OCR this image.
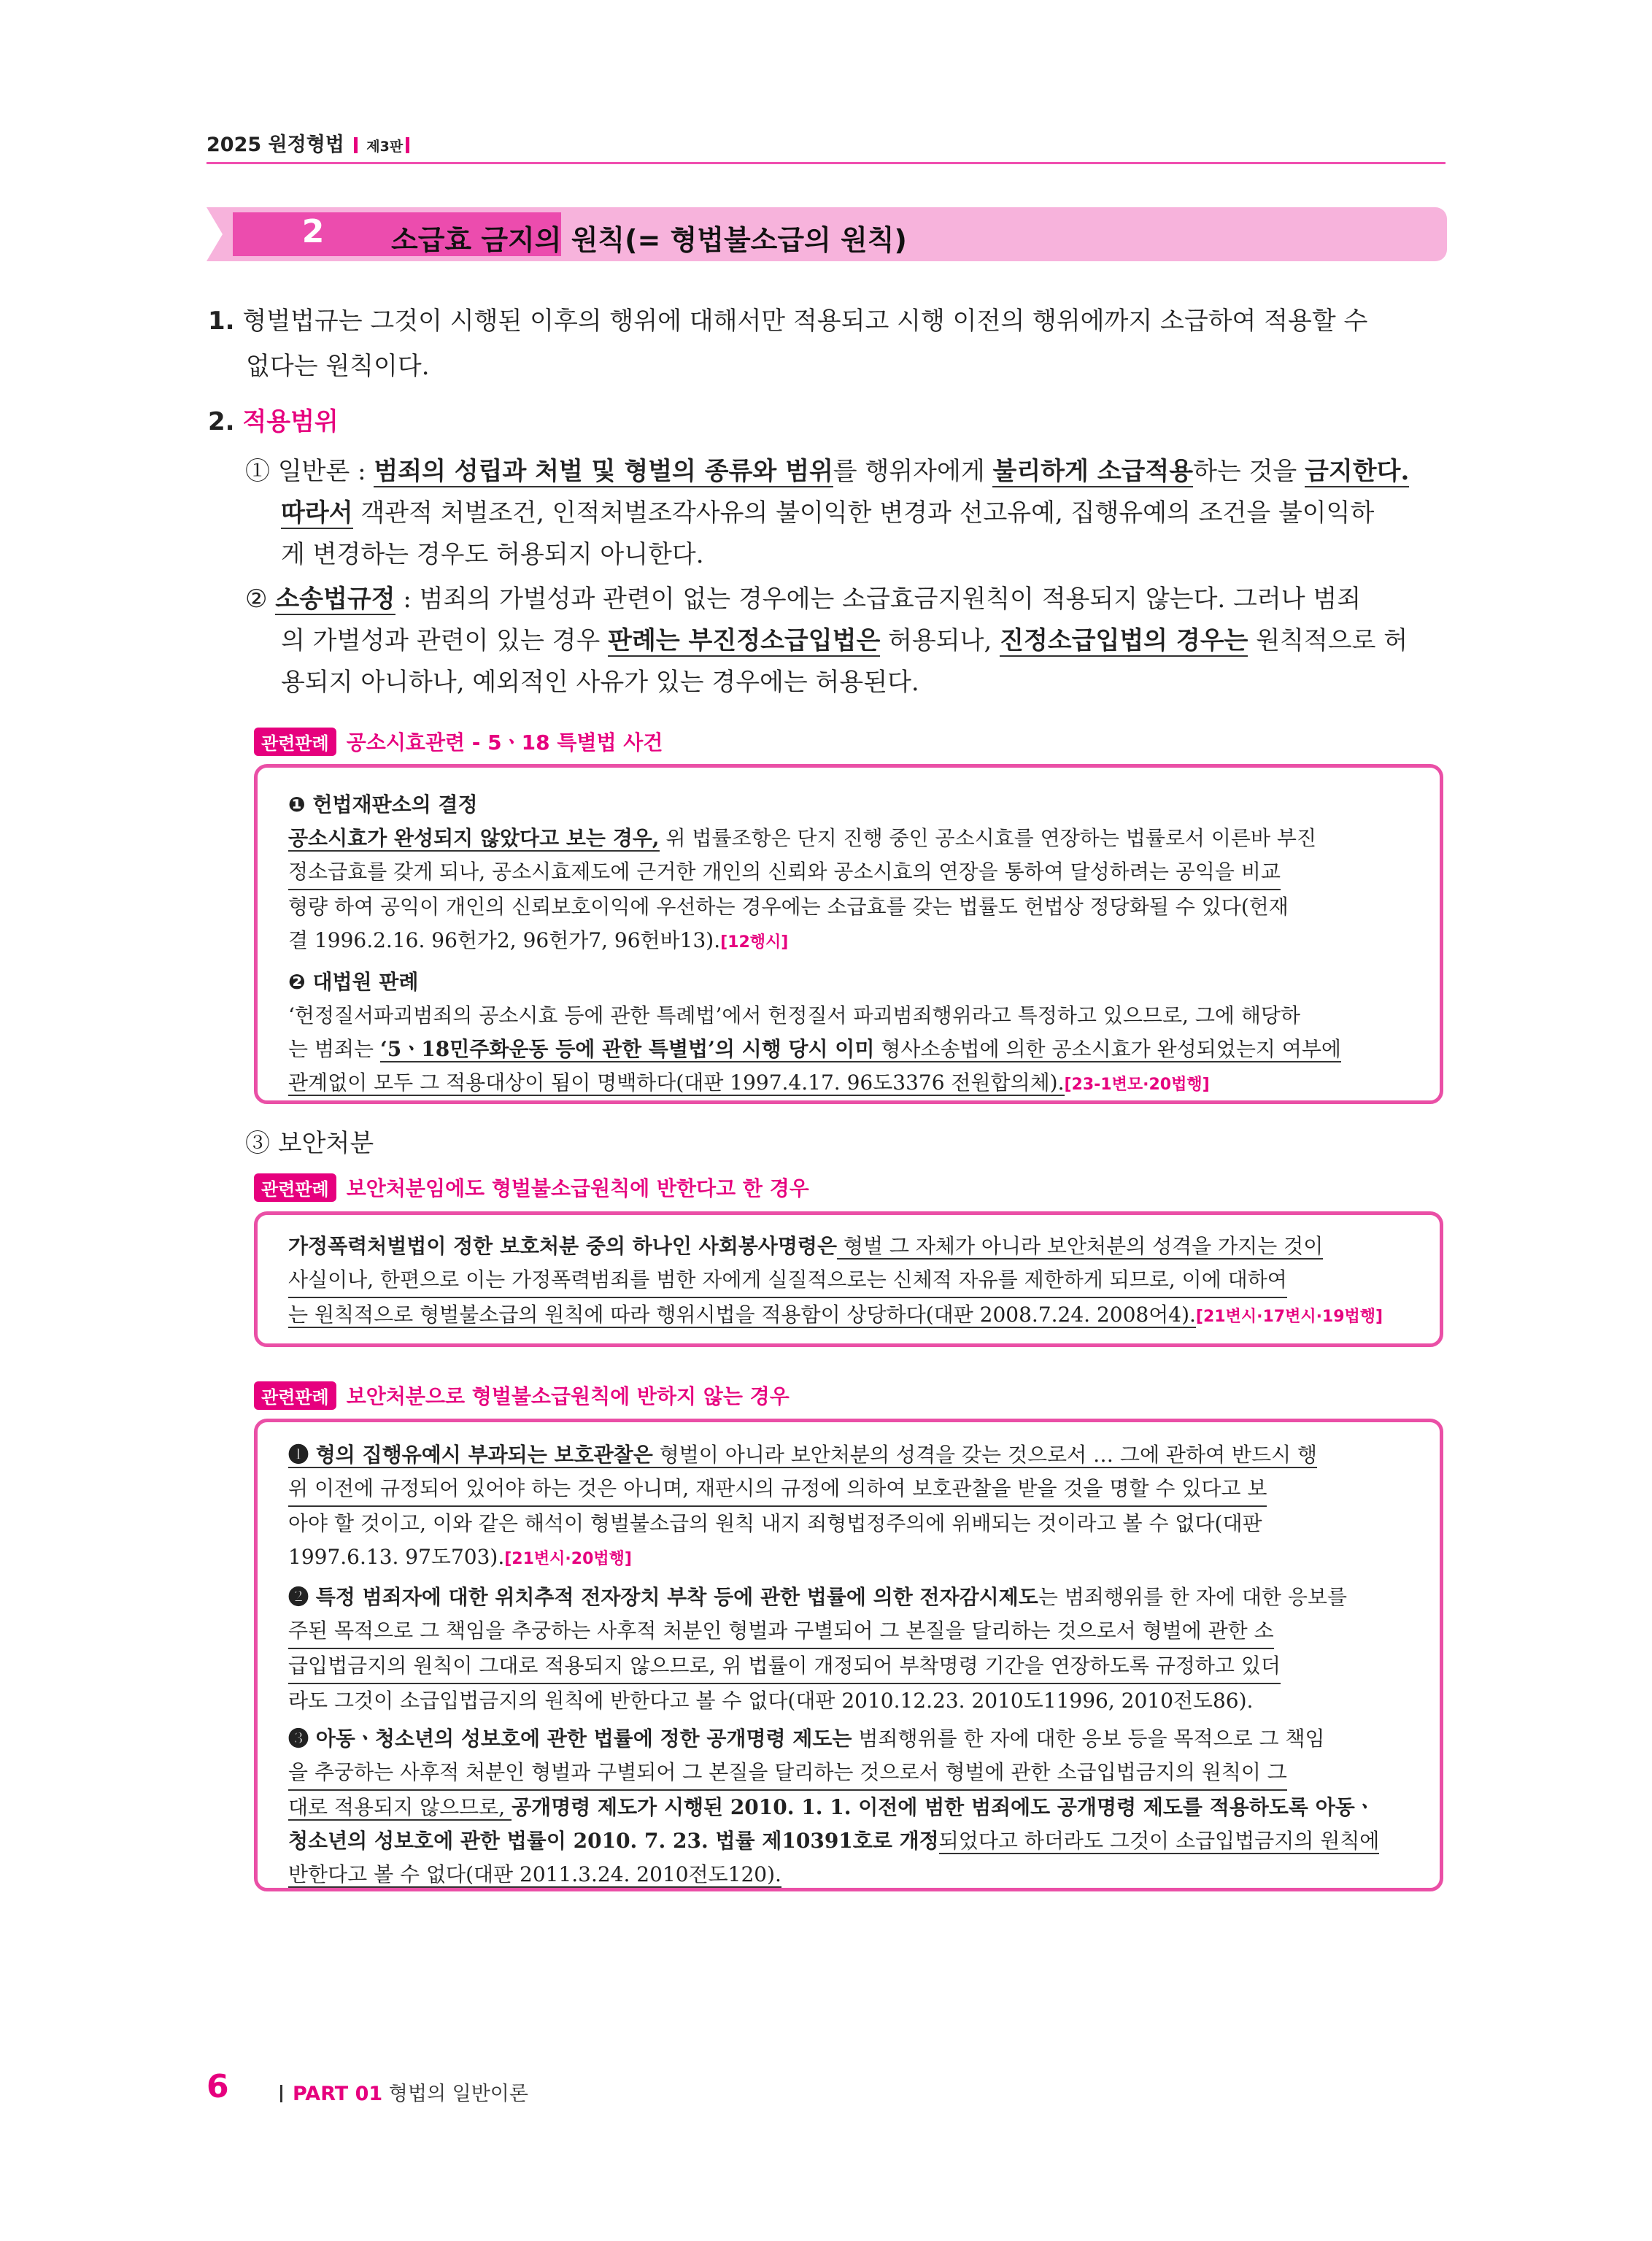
2025 원정형법 제3판
2	소급효 금지의 원칙(= 형법불소급의 원칙)
1. 형벌법규는 그것이 시행된 이후의 행위에 대해서만 적용되고 시행 이전의 행위에까지 소급하여 적용할 수
없다는 원칙이다.
2. 적용범위
① 일반론 : 범죄의 성립과 처벌 및 형벌의 종류와 범위를 행위자에게 불리하게 소급적용하는 것을 금지한다.
따라서 객관적 처벌조건, 인적처벌조각사유의 불이익한 변경과 선고유예, 집행유예의 조건을 불이익하
게 변경하는 경우도 허용되지 아니한다.
② 소송법규정 : 범죄의 가벌성과 관련이 없는 경우에는 소급효금지원칙이 적용되지 않는다. 그러나 범죄
의 가벌성과 관련이 있는 경우 판례는 부진정소급입법은 허용되나, 진정소급입법의 경우는 원칙적으로 허
용되지 아니하나, 예외적인 사유가 있는 경우에는 허용된다.
관련판례 공소시효관련 - 5ㆍ18 특별법 사건
❶ 헌법재판소의 결정
공소시효가 완성되지 않았다고 보는 경우, 위 법률조항은 단지 진행 중인 공소시효를 연장하는 법률로서 이른바 부진
정소급효를 갖게 되나, 공소시효제도에 근거한 개인의 신뢰와 공소시효의 연장을 통하여 달성하려는 공익을 비교
형량 하여 공익이 개인의 신뢰보호이익에 우선하는 경우에는 소급효를 갖는 법률도 헌법상 정당화될 수 있다(헌재
결 1996.2.16. 96헌가2, 96헌가7, 96헌바13).[12행시]
❷ 대법원 판례
‘헌정질서파괴범죄의 공소시효 등에 관한 특례법’에서 헌정질서 파괴범죄행위라고 특정하고 있으므로, 그에 해당하
는 범죄는 ‘5ㆍ18민주화운동 등에 관한 특별법’의 시행 당시 이미 형사소송법에 의한 공소시효가 완성되었는지 여부에
관계없이 모두 그 적용대상이 됨이 명백하다(대판 1997.4.17. 96도3376 전원합의체).[23-1변모·20법행]
③ 보안처분
관련판례 보안처분임에도 형벌불소급원칙에 반한다고 한 경우
가정폭력처벌법이 정한 보호처분 중의 하나인 사회봉사명령은 형벌 그 자체가 아니라 보안처분의 성격을 가지는 것이
사실이나, 한편으로 이는 가정폭력범죄를 범한 자에게 실질적으로는 신체적 자유를 제한하게 되므로, 이에 대하여
는 원칙적으로 형벌불소급의 원칙에 따라 행위시법을 적용함이 상당하다(대판 2008.7.24. 2008어4).[21변시·17변시·19법행]
관련판례 보안처분으로 형벌불소급원칙에 반하지 않는 경우
❶ 형의 집행유예시 부과되는 보호관찰은 형벌이 아니라 보안처분의 성격을 갖는 것으로서 … 그에 관하여 반드시 행
위 이전에 규정되어 있어야 하는 것은 아니며, 재판시의 규정에 의하여 보호관찰을 받을 것을 명할 수 있다고 보
아야 할 것이고, 이와 같은 해석이 형벌불소급의 원칙 내지 죄형법정주의에 위배되는 것이라고 볼 수 없다(대판
1997.6.13. 97도703).[21변시·20법행]
❷ 특정 범죄자에 대한 위치추적 전자장치 부착 등에 관한 법률에 의한 전자감시제도는 범죄행위를 한 자에 대한 응보를
주된 목적으로 그 책임을 추궁하는 사후적 처분인 형벌과 구별되어 그 본질을 달리하는 것으로서 형벌에 관한 소 급입법금지의 원칙이 그대로 적용되지 않으므로, 위 법률이 개정되어 부착명령 기간을 연장하도록 규정하고 있더
라도 그것이 소급입법금지의 원칙에 반한다고 볼 수 없다(대판 2010.12.23. 2010도11996, 2010전도86).
❸ 아동ㆍ청소년의 성보호에 관한 법률에 정한 공개명령 제도는 범죄행위를 한 자에 대한 응보 등을 목적으로 그 책임
을 추궁하는 사후적 처분인 형벌과 구별되어 그 본질을 달리하는 것으로서 형벌에 관한 소급입법금지의 원칙이 그
대로 적용되지 않으므로, 공개명령 제도가 시행된 2010. 1. 1. 이전에 범한 범죄에도 공개명령 제도를 적용하도록 아동ㆍ
청소년의 성보호에 관한 법률이 2010. 7. 23. 법률 제10391호로 개정되었다고 하더라도 그것이 소급입법금지의 원칙에
반한다고 볼 수 없다(대판 2011.3.24. 2010전도120).
6	PART 01 형법의 일반이론
